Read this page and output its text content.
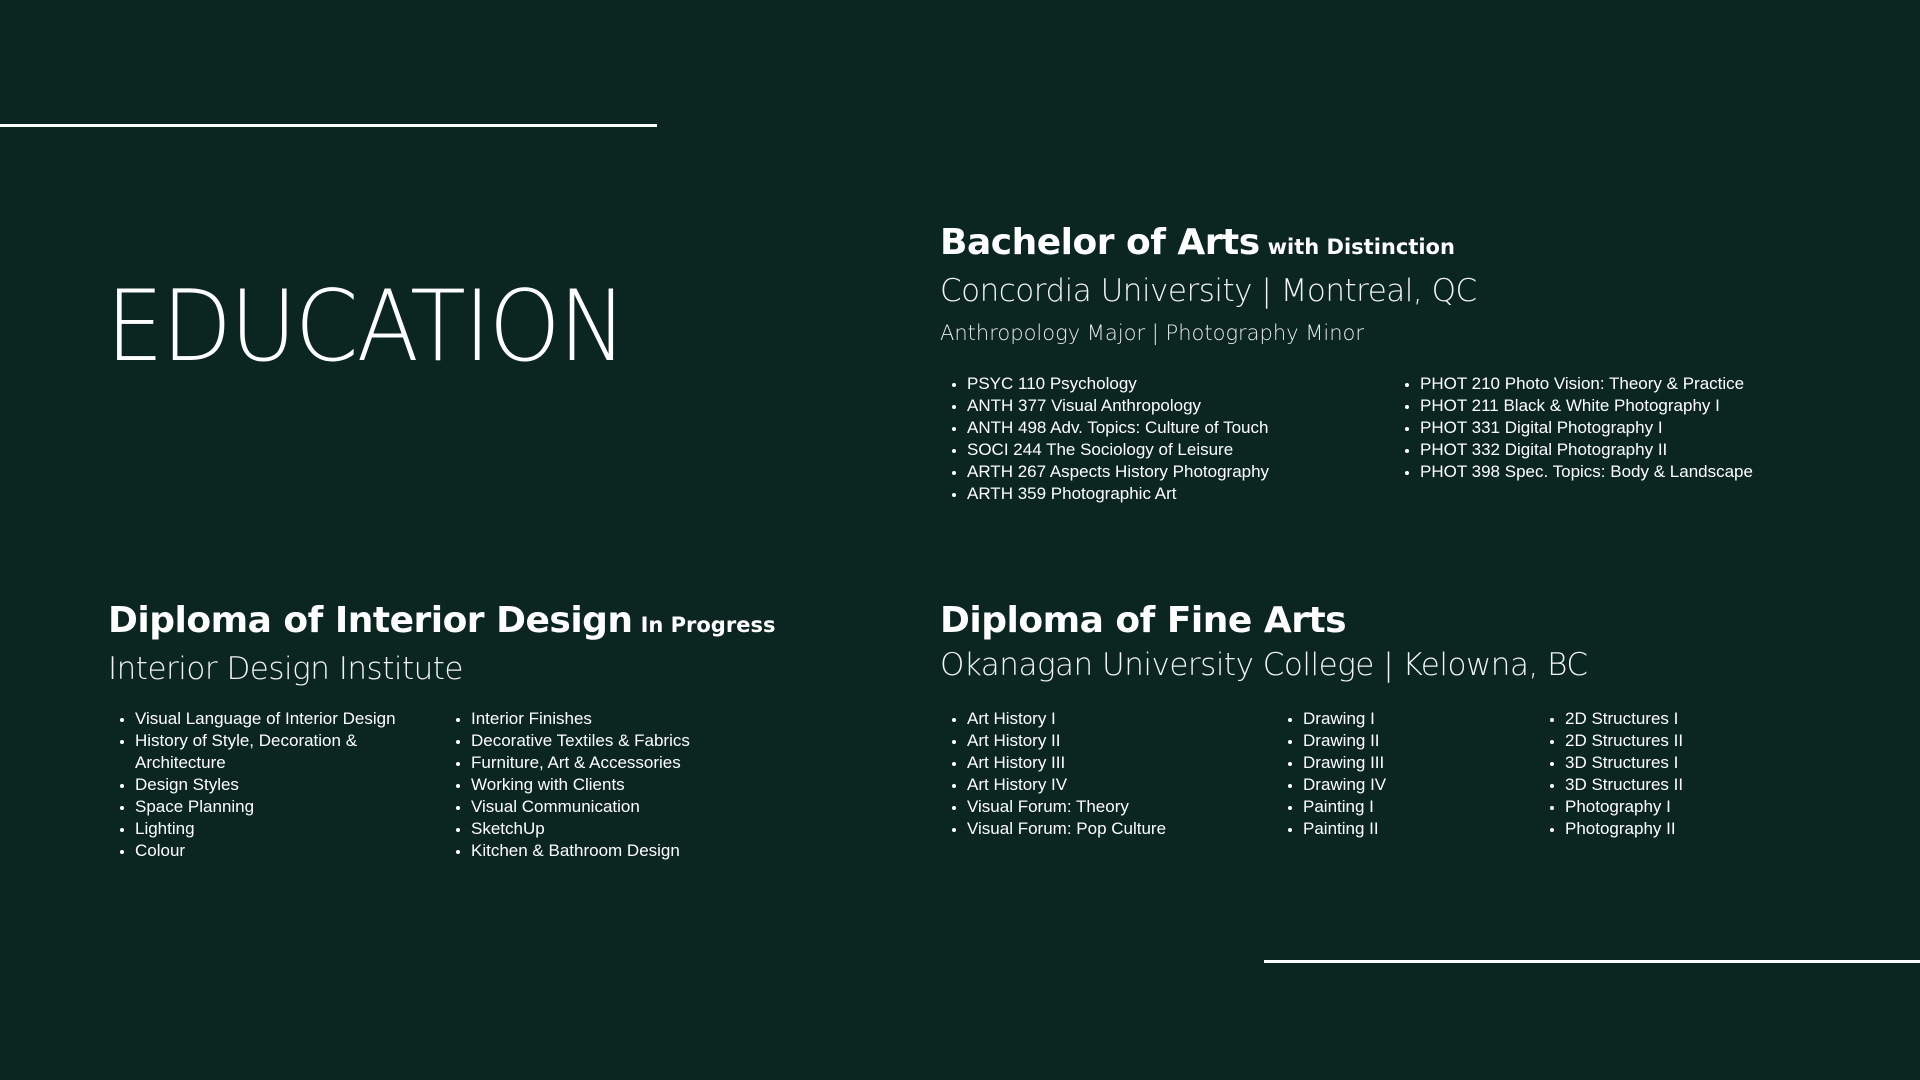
EDUCATION
Bachelor of Arts with Distinction

Concordia University | Montreal, QC

Anthropology Major | Photography Minor

• PSYC 110 Psychology
• ANTH 377 Visual Anthropology
• ANTH 498 Adv. Topics: Culture of Touch
• SOCI 244 The Sociology of Leisure
• ARTH 267 Aspects History Photography
• ARTH 359 Photographic Art
• PHOT 210 Photo Vision: Theory & Practice
• PHOT 211 Black & White Photography I
• PHOT 331 Digital Photography I
• PHOT 332 Digital Photography II
• PHOT 398 Spec. Topics: Body & Landscape
Diploma of Interior Design In Progress

Interior Design Institute

• Visual Language of Interior Design
• History of Style, Decoration & Architecture
• Design Styles
• Space Planning
• Lighting
• Colour
• Interior Finishes
• Decorative Textiles & Fabrics
• Furniture, Art & Accessories
• Working with Clients
• Visual Communication
• SketchUp
• Kitchen & Bathroom Design
Diploma of Fine Arts

Okanagan University College | Kelowna, BC

• Art History I
• Art History II
• Art History III
• Art History IV
• Visual Forum: Theory
• Visual Forum: Pop Culture
• Drawing I
• Drawing II
• Drawing III
• Drawing IV
• Painting I
• Painting II
• 2D Structures I
• 2D Structures II
• 3D Structures I
• 3D Structures II
• Photography I
• Photography II
